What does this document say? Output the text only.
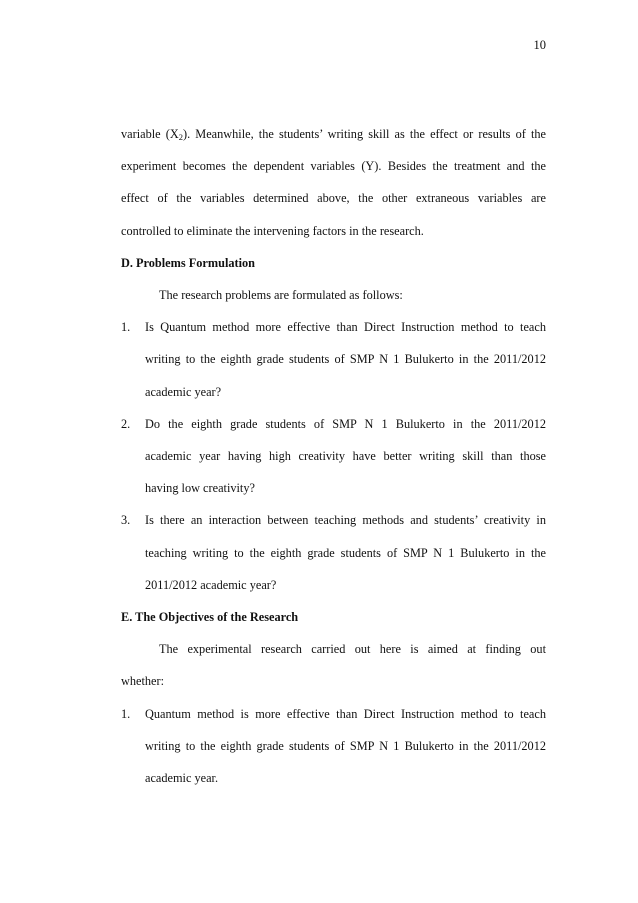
10
variable $(X_2)$. Meanwhile, the students’ writing skill as the effect or results of the
experiment becomes the dependent variables (Y). Besides the treatment and the
effect of the variables determined above, the other extraneous variables are
controlled to eliminate the intervening factors in the research.
D. Problems Formulation
The research problems are formulated as follows:
1. Is Quantum method more effective than Direct Instruction method to teach
writing to the eighth grade students of SMP N 1 Bulukerto in the 2011/2012
academic year?
2. Do the eighth grade students of SMP N 1 Bulukerto in the 2011/2012
academic year having high creativity have better writing skill than those
having low creativity?
3. Is there an interaction between teaching methods and students’ creativity in
teaching writing to the eighth grade students of SMP N 1 Bulukerto in the
2011/2012 academic year?
E. The Objectives of the Research
The experimental research carried out here is aimed at finding out
whether:
1. Quantum method is more effective than Direct Instruction method to teach
writing to the eighth grade students of SMP N 1 Bulukerto in the 2011/2012
academic year.
